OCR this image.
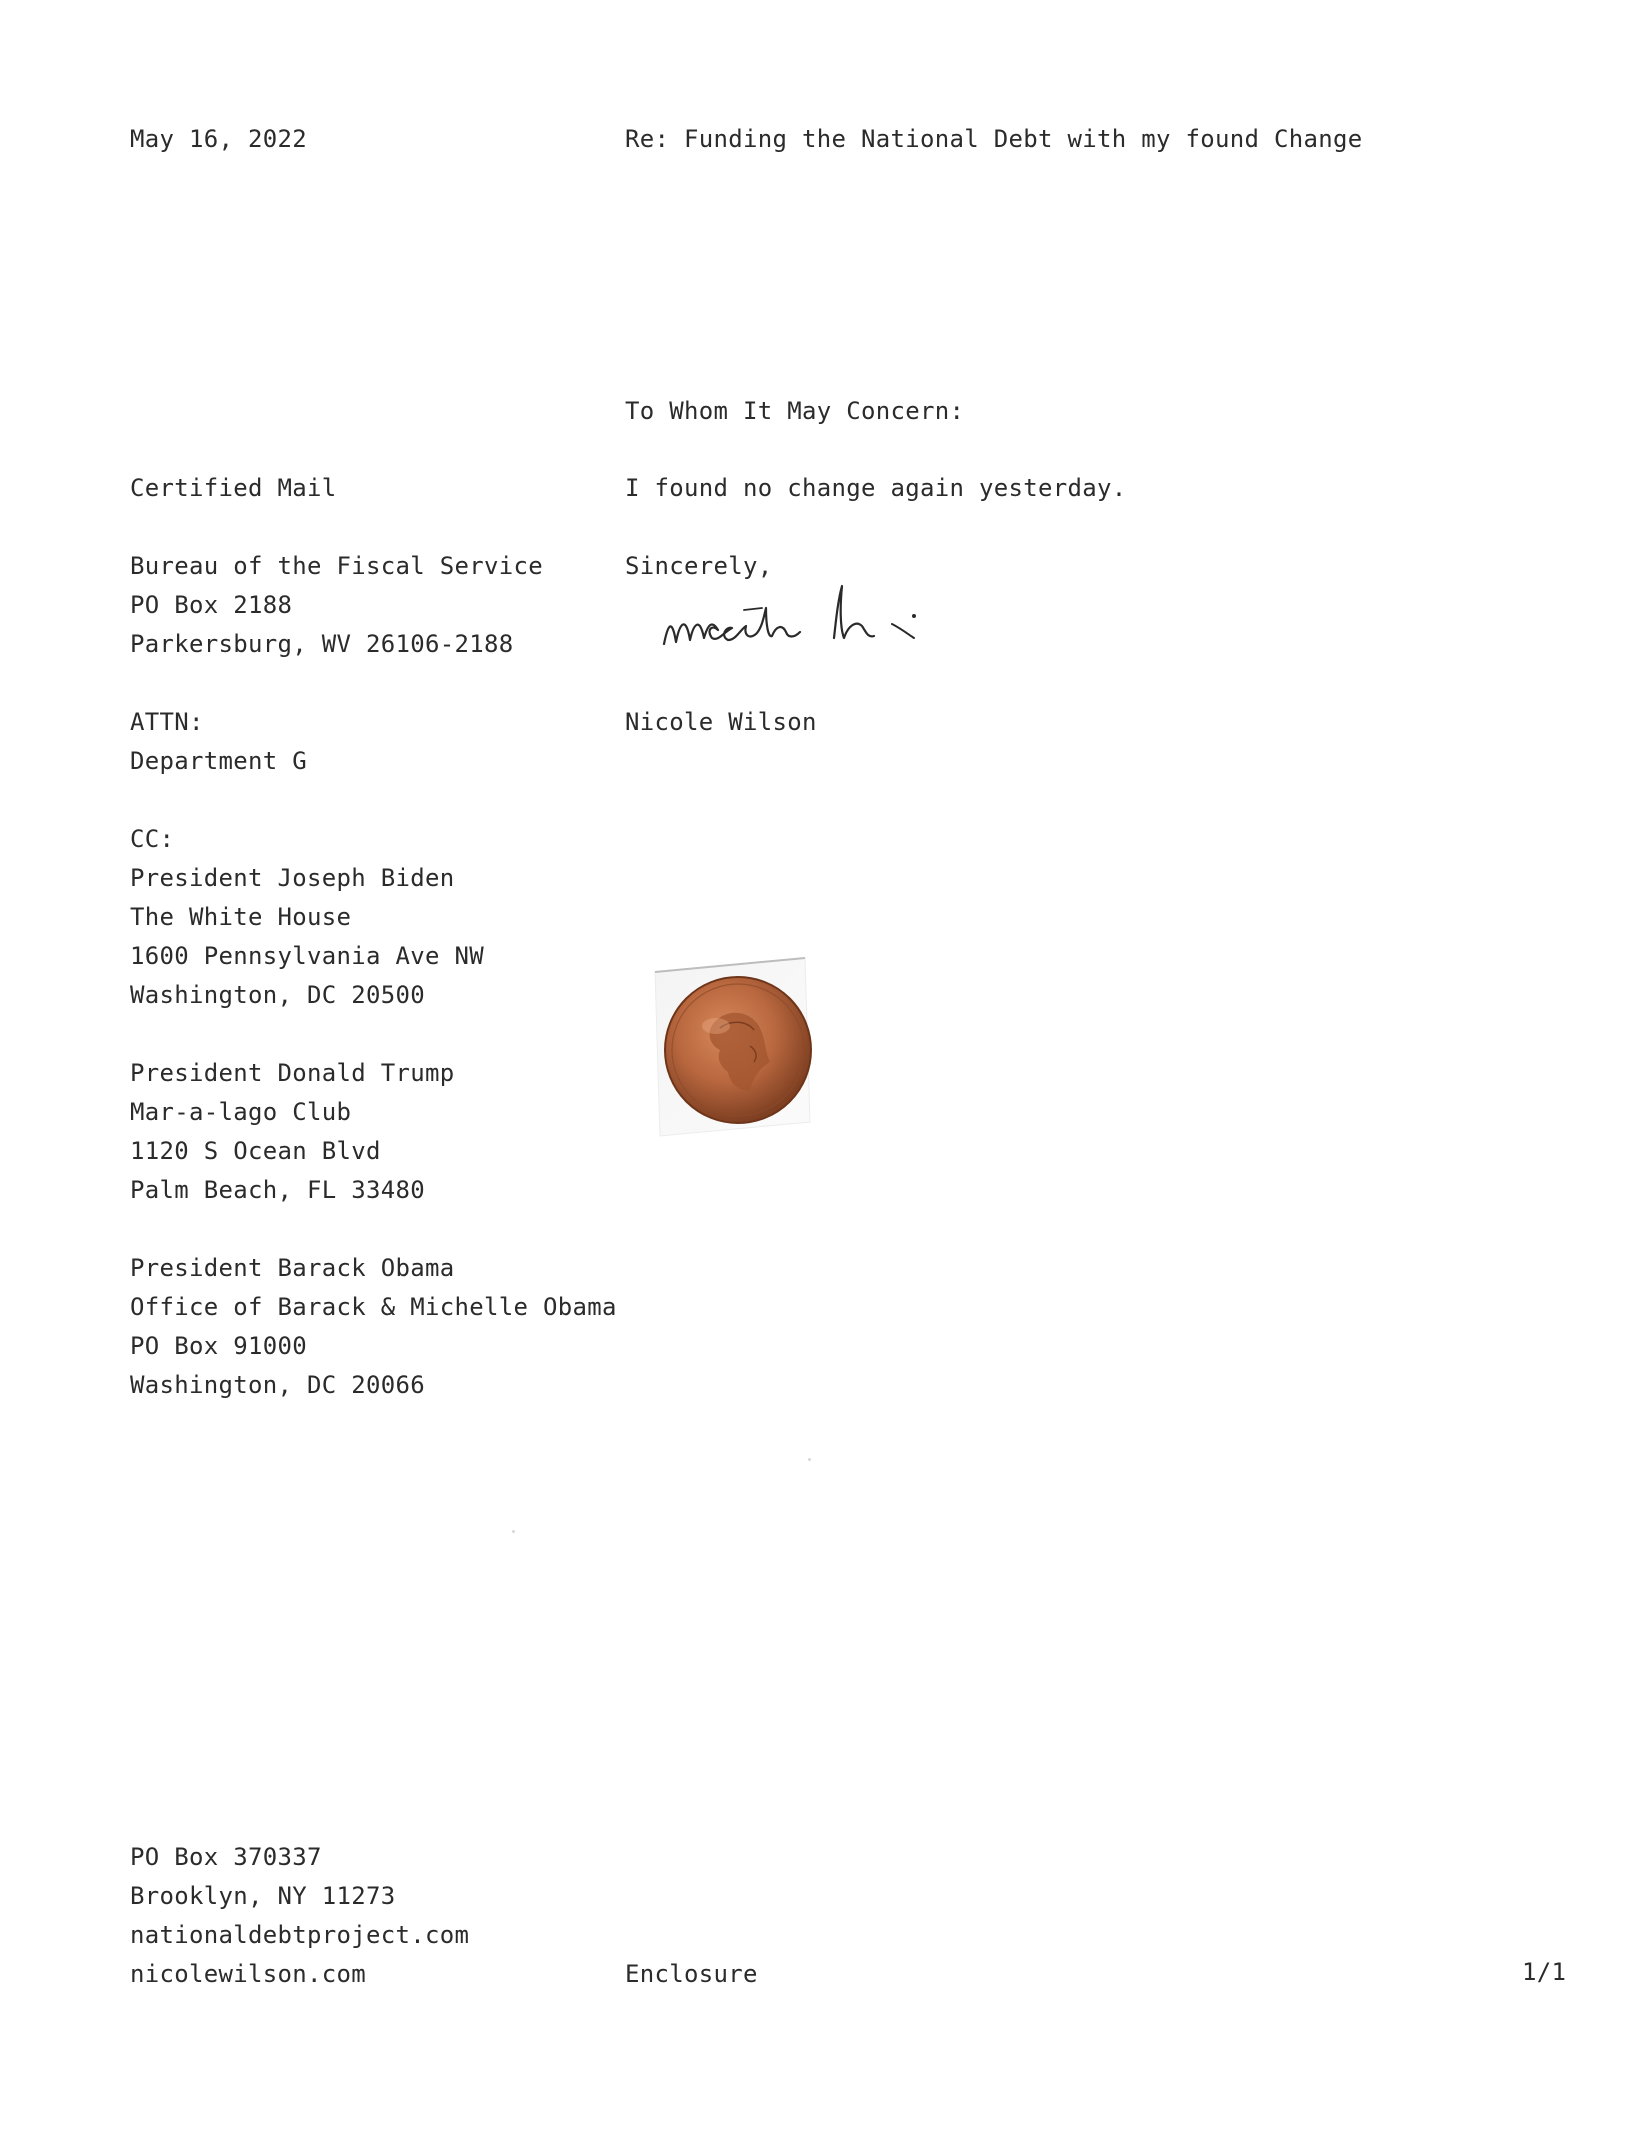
May 16, 2022	Re: Funding the National Debt with my found Change
To Whom It May Concern:
I found no change again yesterday.
Sincerely,
Nicole Wilson
Certified Mail
Bureau of the Fiscal Service
PO Box 2188
Parkersburg, WV 26106-2188
ATTN:
Department G
CC:
President Joseph Biden
The White House
1600 Pennsylvania Ave NW
Washington, DC 20500
President Donald Trump
Mar-a-lago Club
1120 S Ocean Blvd
Palm Beach, FL 33480
President Barack Obama
Office of Barack & Michelle Obama
PO Box 91000
Washington, DC 20066
PO Box 370337
Brooklyn, NY 11273
nationaldebtproject.com
nicolewilson.com	Enclosure	1/1
